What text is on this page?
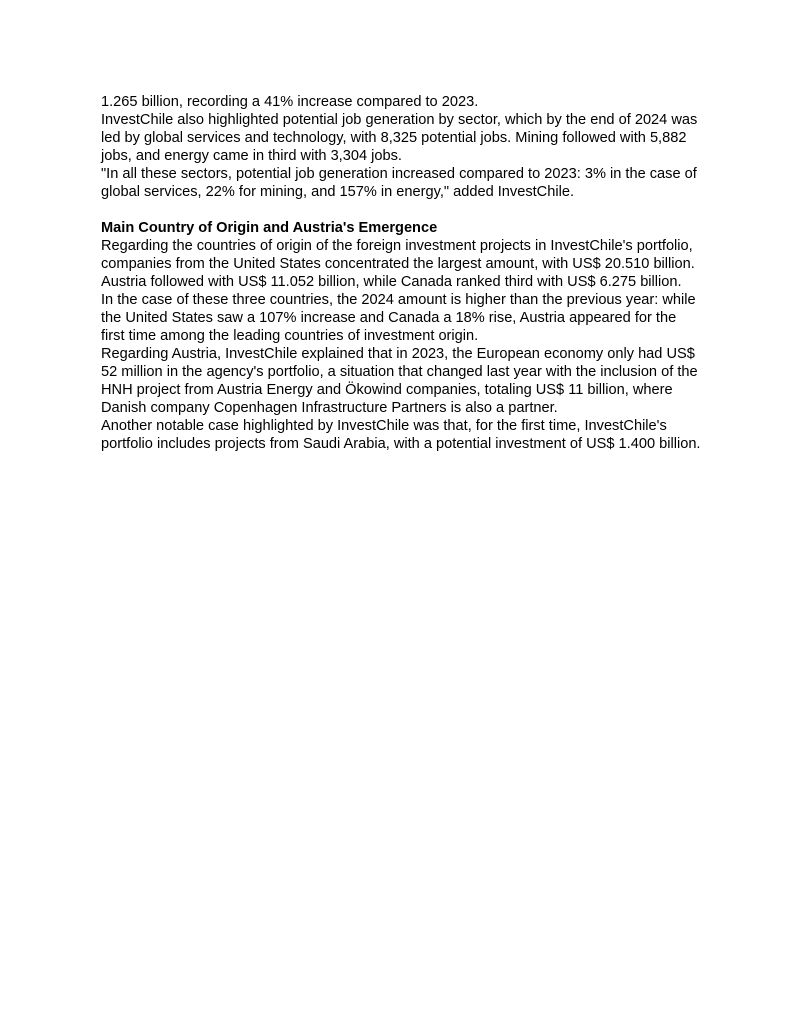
1.265 billion, recording a 41% increase compared to 2023.

InvestChile also highlighted potential job generation by sector, which by the end of 2024 was led by global services and technology, with 8,325 potential jobs. Mining followed with 5,882 jobs, and energy came in third with 3,304 jobs.

"In all these sectors, potential job generation increased compared to 2023: 3% in the case of global services, 22% for mining, and 157% in energy," added InvestChile.

Main Country of Origin and Austria's Emergence

Regarding the countries of origin of the foreign investment projects in InvestChile's portfolio, companies from the United States concentrated the largest amount, with US$ 20.510 billion. Austria followed with US$ 11.052 billion, while Canada ranked third with US$ 6.275 billion.

In the case of these three countries, the 2024 amount is higher than the previous year: while the United States saw a 107% increase and Canada a 18% rise, Austria appeared for the first time among the leading countries of investment origin.

Regarding Austria, InvestChile explained that in 2023, the European economy only had US$ 52 million in the agency's portfolio, a situation that changed last year with the inclusion of the HNH project from Austria Energy and Ökowind companies, totaling US$ 11 billion, where Danish company Copenhagen Infrastructure Partners is also a partner.

Another notable case highlighted by InvestChile was that, for the first time, InvestChile's portfolio includes projects from Saudi Arabia, with a potential investment of US$ 1.400 billion.
